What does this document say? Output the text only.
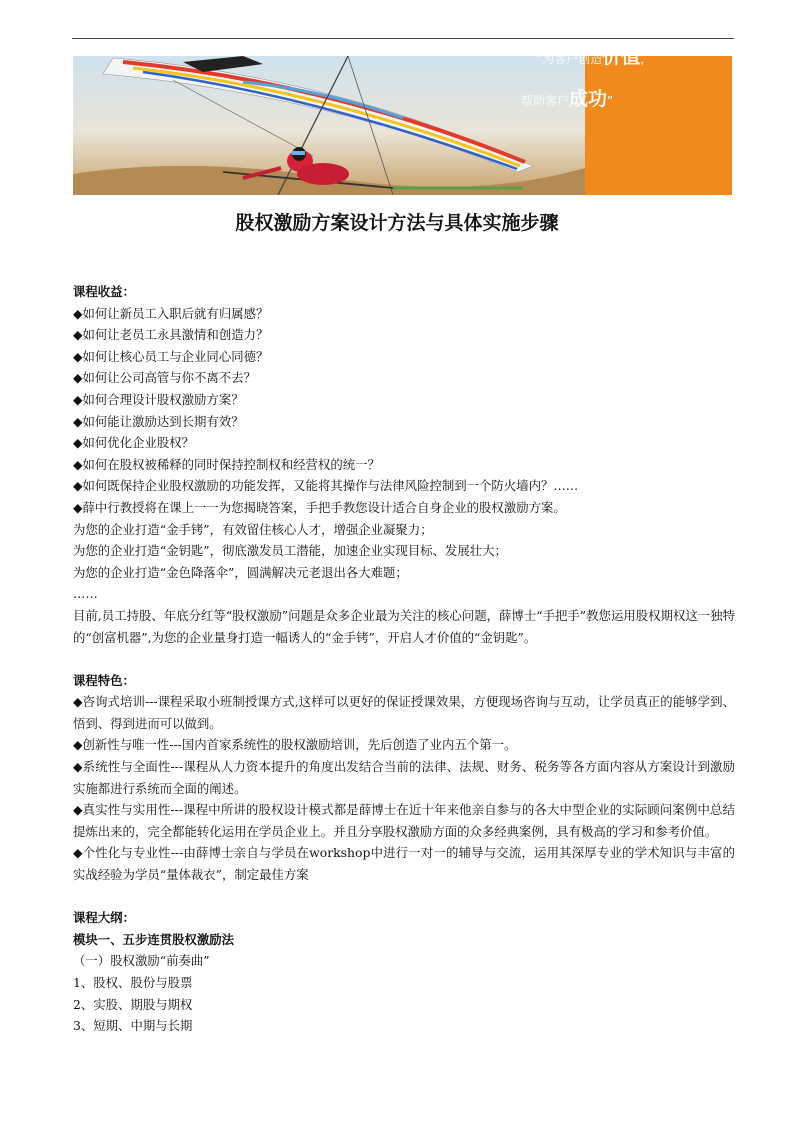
“为客户创造价值，
帮助客户成功”
股权激励方案设计方法与具体实施步骤

课程收益：

◆如何让新员工入职后就有归属感？

◆如何让老员工永具激情和创造力？

◆如何让核心员工与企业同心同德？

◆如何让公司高管与你不离不去？

◆如何合理设计股权激励方案？

◆如何能让激励达到长期有效？

◆如何优化企业股权？

◆如何在股权被稀释的同时保持控制权和经营权的统一？

◆如何既保持企业股权激励的功能发挥，又能将其操作与法律风险控制到一个防火墙内？……

◆薛中行教授将在课上一一为您揭晓答案，手把手教您设计适合自身企业的股权激励方案。

为您的企业打造“金手铐”，有效留住核心人才，增强企业凝聚力；

为您的企业打造“金钥匙”，彻底激发员工潜能，加速企业实现目标、发展壮大；

为您的企业打造“金色降落伞”，圆满解决元老退出各大难题；

……

目前,员工持股、年底分红等“股权激励”问题是众多企业最为关注的核心问题，薛博士“手把手”教您运用股权期权这一独特的“创富机器”,为您的企业量身打造一幅诱人的“金手铐”，开启人才价值的“金钥匙”。

课程特色：

◆咨询式培训---课程采取小班制授课方式,这样可以更好的保证授课效果，方便现场咨询与互动，让学员真正的能够学到、悟到、得到进而可以做到。

◆创新性与唯一性---国内首家系统性的股权激励培训，先后创造了业内五个第一。

◆系统性与全面性---课程从人力资本提升的角度出发结合当前的法律、法规、财务、税务等各方面内容从方案设计到激励实施都进行系统而全面的阐述。

◆真实性与实用性---课程中所讲的股权设计模式都是薛博士在近十年来他亲自参与的各大中型企业的实际顾问案例中总结提炼出来的，完全都能转化运用在学员企业上。并且分享股权激励方面的众多经典案例，具有极高的学习和参考价值。

◆个性化与专业性---由薛博士亲自与学员在workshop中进行一对一的辅导与交流，运用其深厚专业的学术知识与丰富的实战经验为学员“量体裁衣”，制定最佳方案

课程大纲：

模块一、五步连贯股权激励法

（一）股权激励“前奏曲”

1、股权、股份与股票

2、实股、期股与期权

3、短期、中期与长期
